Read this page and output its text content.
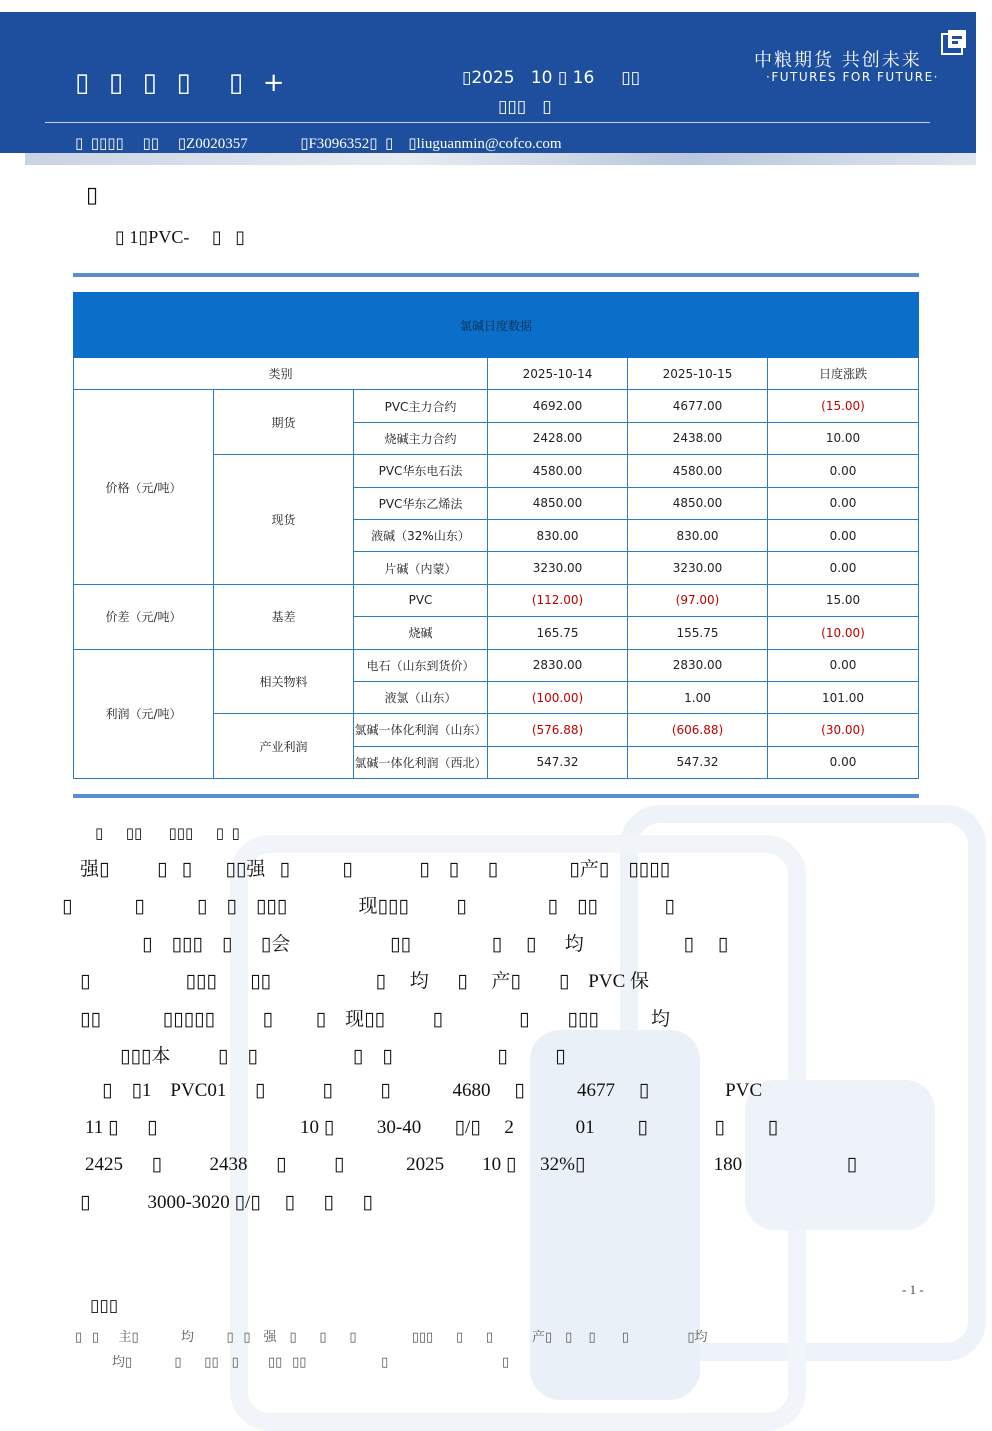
▯  ▯  ▯  ▯    ▯  +	▯2025   10 ▯ 16     ▯▯
▯▯▯   ▯
▯  ▯▯▯▯     ▯▯     ▯Z0020357              ▯F3096352▯  ▯    ▯liuguanmin@cofco.com
中粮期货 共创未来
·FUTURES FOR FUTURE·
▯
▯ 1▯PVC-     ▯   ▯
氯碱日度数据					
类别			2025-10-14	2025-10-15	日度涨跌
价格（元/吨）	期货	PVC主力合约	4692.00	4677.00	(15.00)
		烧碱主力合约	2428.00	2438.00	10.00
	现货	PVC华东电石法	4580.00	4580.00	0.00
		PVC华东乙烯法	4850.00	4850.00	0.00
		液碱（32%山东）	830.00	830.00	0.00
		片碱（内蒙）	3230.00	3230.00	0.00
价差（元/吨）	基差	PVC	(112.00)	(97.00)	15.00
		烧碱	165.75	155.75	(10.00)
利润（元/吨）	相关物料	电石（山东到货价）	2830.00	2830.00	0.00
		液氯（山东）	(100.00)	1.00	101.00
	产业利润	氯碱一体化利润（山东）	(576.88)	(606.88)	(30.00)
		氯碱一体化利润（西北）	547.32	547.32	0.00
▯      ▯▯       ▯▯▯      ▯  ▯
强▯          ▯   ▯       ▯▯强   ▯           ▯              ▯    ▯      ▯               ▯产▯    ▯▯▯▯
▯             ▯           ▯    ▯    ▯▯▯               现▯▯▯          ▯                 ▯    ▯▯              ▯
▯    ▯▯▯    ▯      ▯会                     ▯▯                 ▯     ▯      均                     ▯     ▯
▯                    ▯▯▯       ▯▯                      ▯     均      ▯     产▯        ▯    PVC 保
▯▯             ▯▯▯▯▯          ▯         ▯    现▯▯          ▯                ▯        ▯▯▯           均
▯▯▯本          ▯    ▯                    ▯    ▯                      ▯          ▯
▯    ▯1    PVC01      ▯            ▯          ▯             4680     ▯           4677     ▯                PVC
11 ▯      ▯                              10 ▯         30-40       ▯/▯     2             01         ▯              ▯         ▯
2425      ▯          2438      ▯          ▯             2025        10 ▯     32%▯                           180                      ▯
▯            3000-3020 ▯/▯     ▯      ▯      ▯
- 1 -
▯▯▯
▯   ▯      主▯             均          ▯   ▯    强    ▯       ▯       ▯                 ▯▯▯       ▯       ▯            产▯    ▯     ▯        ▯                  ▯均
均▯             ▯       ▯▯    ▯         ▯▯   ▯▯                       ▯                                   ▯
